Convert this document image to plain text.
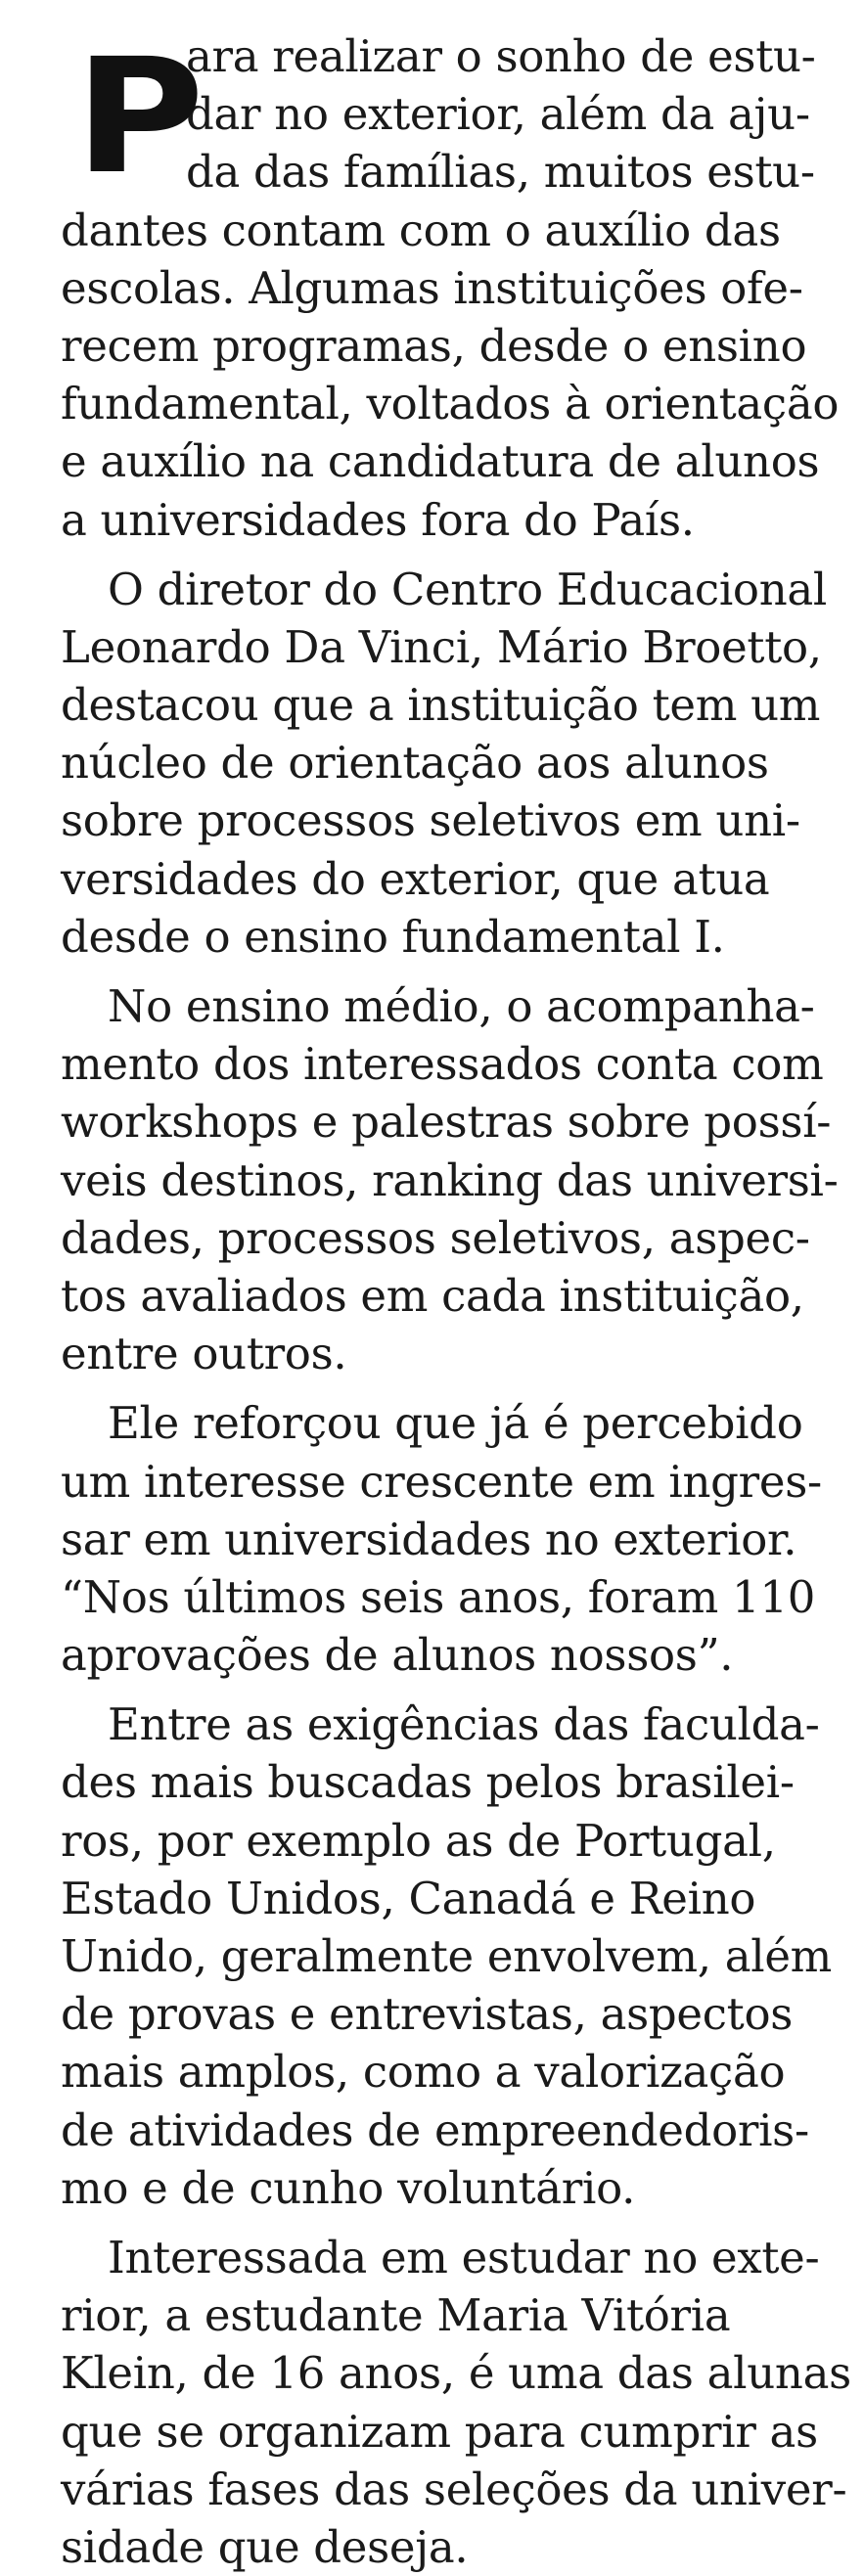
P
ara realizar o sonho de estu-
dar no exterior, além da aju-
da das famílias, muitos estu-
dantes contam com o auxílio das
escolas. Algumas instituições ofe-
recem programas, desde o ensino
fundamental, voltados à orientação
e auxílio na candidatura de alunos
a universidades fora do País.
O diretor do Centro Educacional
Leonardo Da Vinci, Mário Broetto,
destacou que a instituição tem um
núcleo de orientação aos alunos
sobre processos seletivos em uni-
versidades do exterior, que atua
desde o ensino fundamental I.
No ensino médio, o acompanha-
mento dos interessados conta com
workshops e palestras sobre possí-
veis destinos, ranking das universi-
dades, processos seletivos, aspec-
tos avaliados em cada instituição,
entre outros.
Ele reforçou que já é percebido
um interesse crescente em ingres-
sar em universidades no exterior.
“Nos últimos seis anos, foram 110
aprovações de alunos nossos”.
Entre as exigências das faculda-
des mais buscadas pelos brasilei-
ros, por exemplo as de Portugal,
Estado Unidos, Canadá e Reino
Unido, geralmente envolvem, além
de provas e entrevistas, aspectos
mais amplos, como a valorização
de atividades de empreendedoris-
mo e de cunho voluntário.
Interessada em estudar no exte-
rior, a estudante Maria Vitória
Klein, de 16 anos, é uma das alunas
que se organizam para cumprir as
várias fases das seleções da univer-
sidade que deseja.
